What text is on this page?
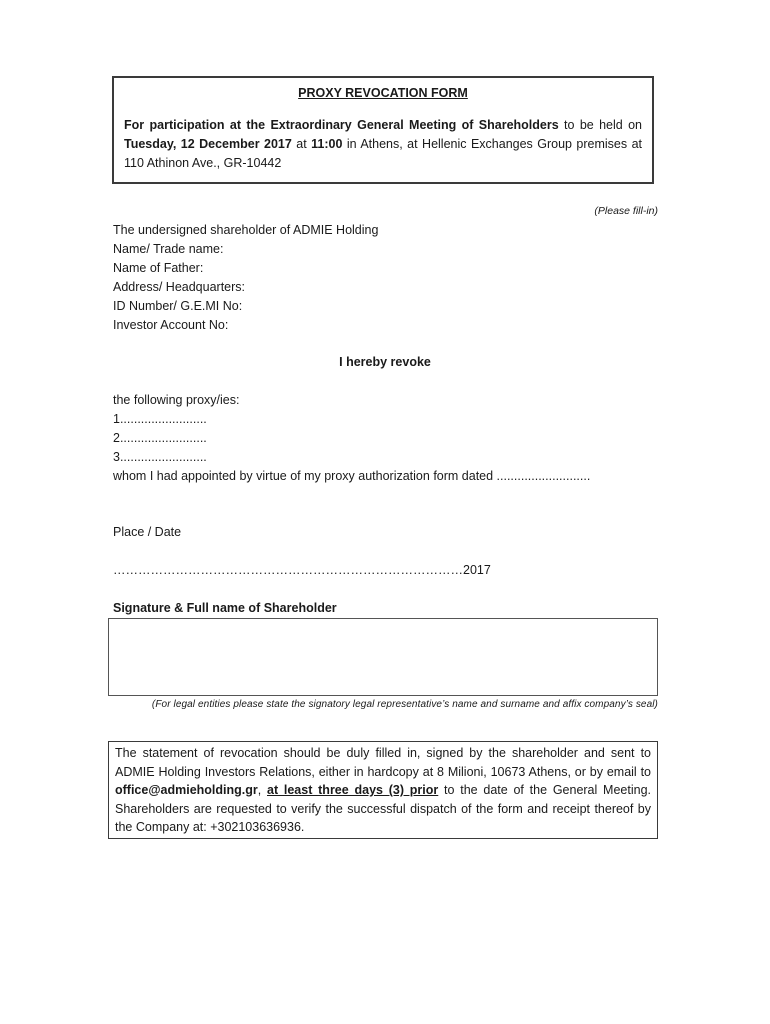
PROXY REVOCATION FORM
For participation at the Extraordinary General Meeting of Shareholders to be held on Tuesday, 12 December 2017 at 11:00 in Athens, at Hellenic Exchanges Group premises at 110 Athinon Ave., GR-10442
(Please fill-in)
The undersigned shareholder of ADMIE Holding
Name/ Trade name:
Name of Father:
Address/ Headquarters:
ID Number/ G.E.MI No:
Investor Account No:
I hereby revoke
the following proxy/ies:
1.........................
2.........................
3.........................
whom I had appointed by virtue of my proxy authorization form dated ...........................
Place / Date
…………………………………………………………………………2017
Signature & Full name of Shareholder
(For legal entities please state the signatory legal representative’s name and surname and affix company’s seal)
The statement of revocation should be duly filled in, signed by the shareholder and sent to ADMIE Holding Investors Relations, either in hardcopy at 8 Milioni, 10673 Athens, or by email to office@admieholding.gr, at least three days (3) prior to the date of the General Meeting. Shareholders are requested to verify the successful dispatch of the form and receipt thereof by the Company at: +302103636936.
